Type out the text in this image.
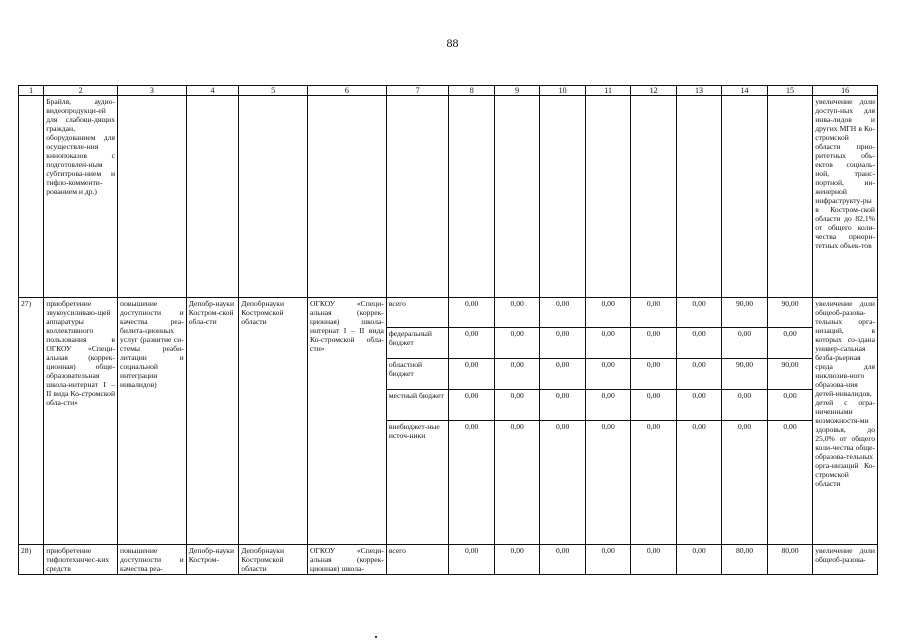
88
1	2	3	4	5	6	7	8	9	10	11	12	13	14	15	16
	Брайля, аудио-видеопродукци-ей для слабови-дящих граждан, оборудованием для осуществле-ния кинопоказов с подготовлен-ным субтитрова-нием и тифло-комменти-рованием и др.)														увеличение доли доступ-ных для инва-лидов и других МГН в Ко-стромской области прио-ритетных объ-ектов социаль-ной, транс-портной, ин-женерной инфраструкту-ры в Костром-ской области до 82,1% от общего коли-чества приори-тетных объек-тов
27)	приобретение звукоусиливаю-щей аппаратуры коллективного пользования в ОГКОУ «Специ-альная (коррек-ционная) обще-образовательная школа-интернат I – II вида Ко-стромской обла-сти»	повышение доступности и качества реа-билита-ционных услуг (развитие си-стемы реаби-литации и социальной интеграции инвалидов)	Депобр-науки Костром-ской обла-сти	Депобрнауки Костромской области	ОГКОУ «Специ-альная (коррек-ционная) школа-интернат I – II вида Ко-стромской обла-сти»	всего	0,00	0,00	0,00	0,00	0,00	0,00	90,00	90,00	увеличение доли общеоб-разова-тельных орга-низаций, в которых со-здана универ-сальная безба-рьерная среда для инклюзив-ного образова-ния детей-инвалидов, детей с огра-ниченными возможностя-ми здоровья, до 25,0% от общего коли-чества обще-образова-тельных орга-низаций Ко-стромской области
						федеральный бюджет	0,00	0,00	0,00	0,00	0,00	0,00	0,00	0,00	
						областной бюджет	0,00	0,00	0,00	0,00	0,00	0,00	90,00	90,00	
						местный бюджет	0,00	0,00	0,00	0,00	0,00	0,00	0,00	0,00	
						внебюджет-ные источ-ники	0,00	0,00	0,00	0,00	0,00	0,00	0,00	0,00	
28)	приобретение тифлотехничес-ких средств	повышение доступности и качества реа-	Депобр-науки Костром-	Депобрнауки Костромской области	ОГКОУ «Специ-альная (коррек-ционная) школа-	всего	0,00	0,00	0,00	0,00	0,00	0,00	80,00	80,00	увеличение доли общеоб-разова-
